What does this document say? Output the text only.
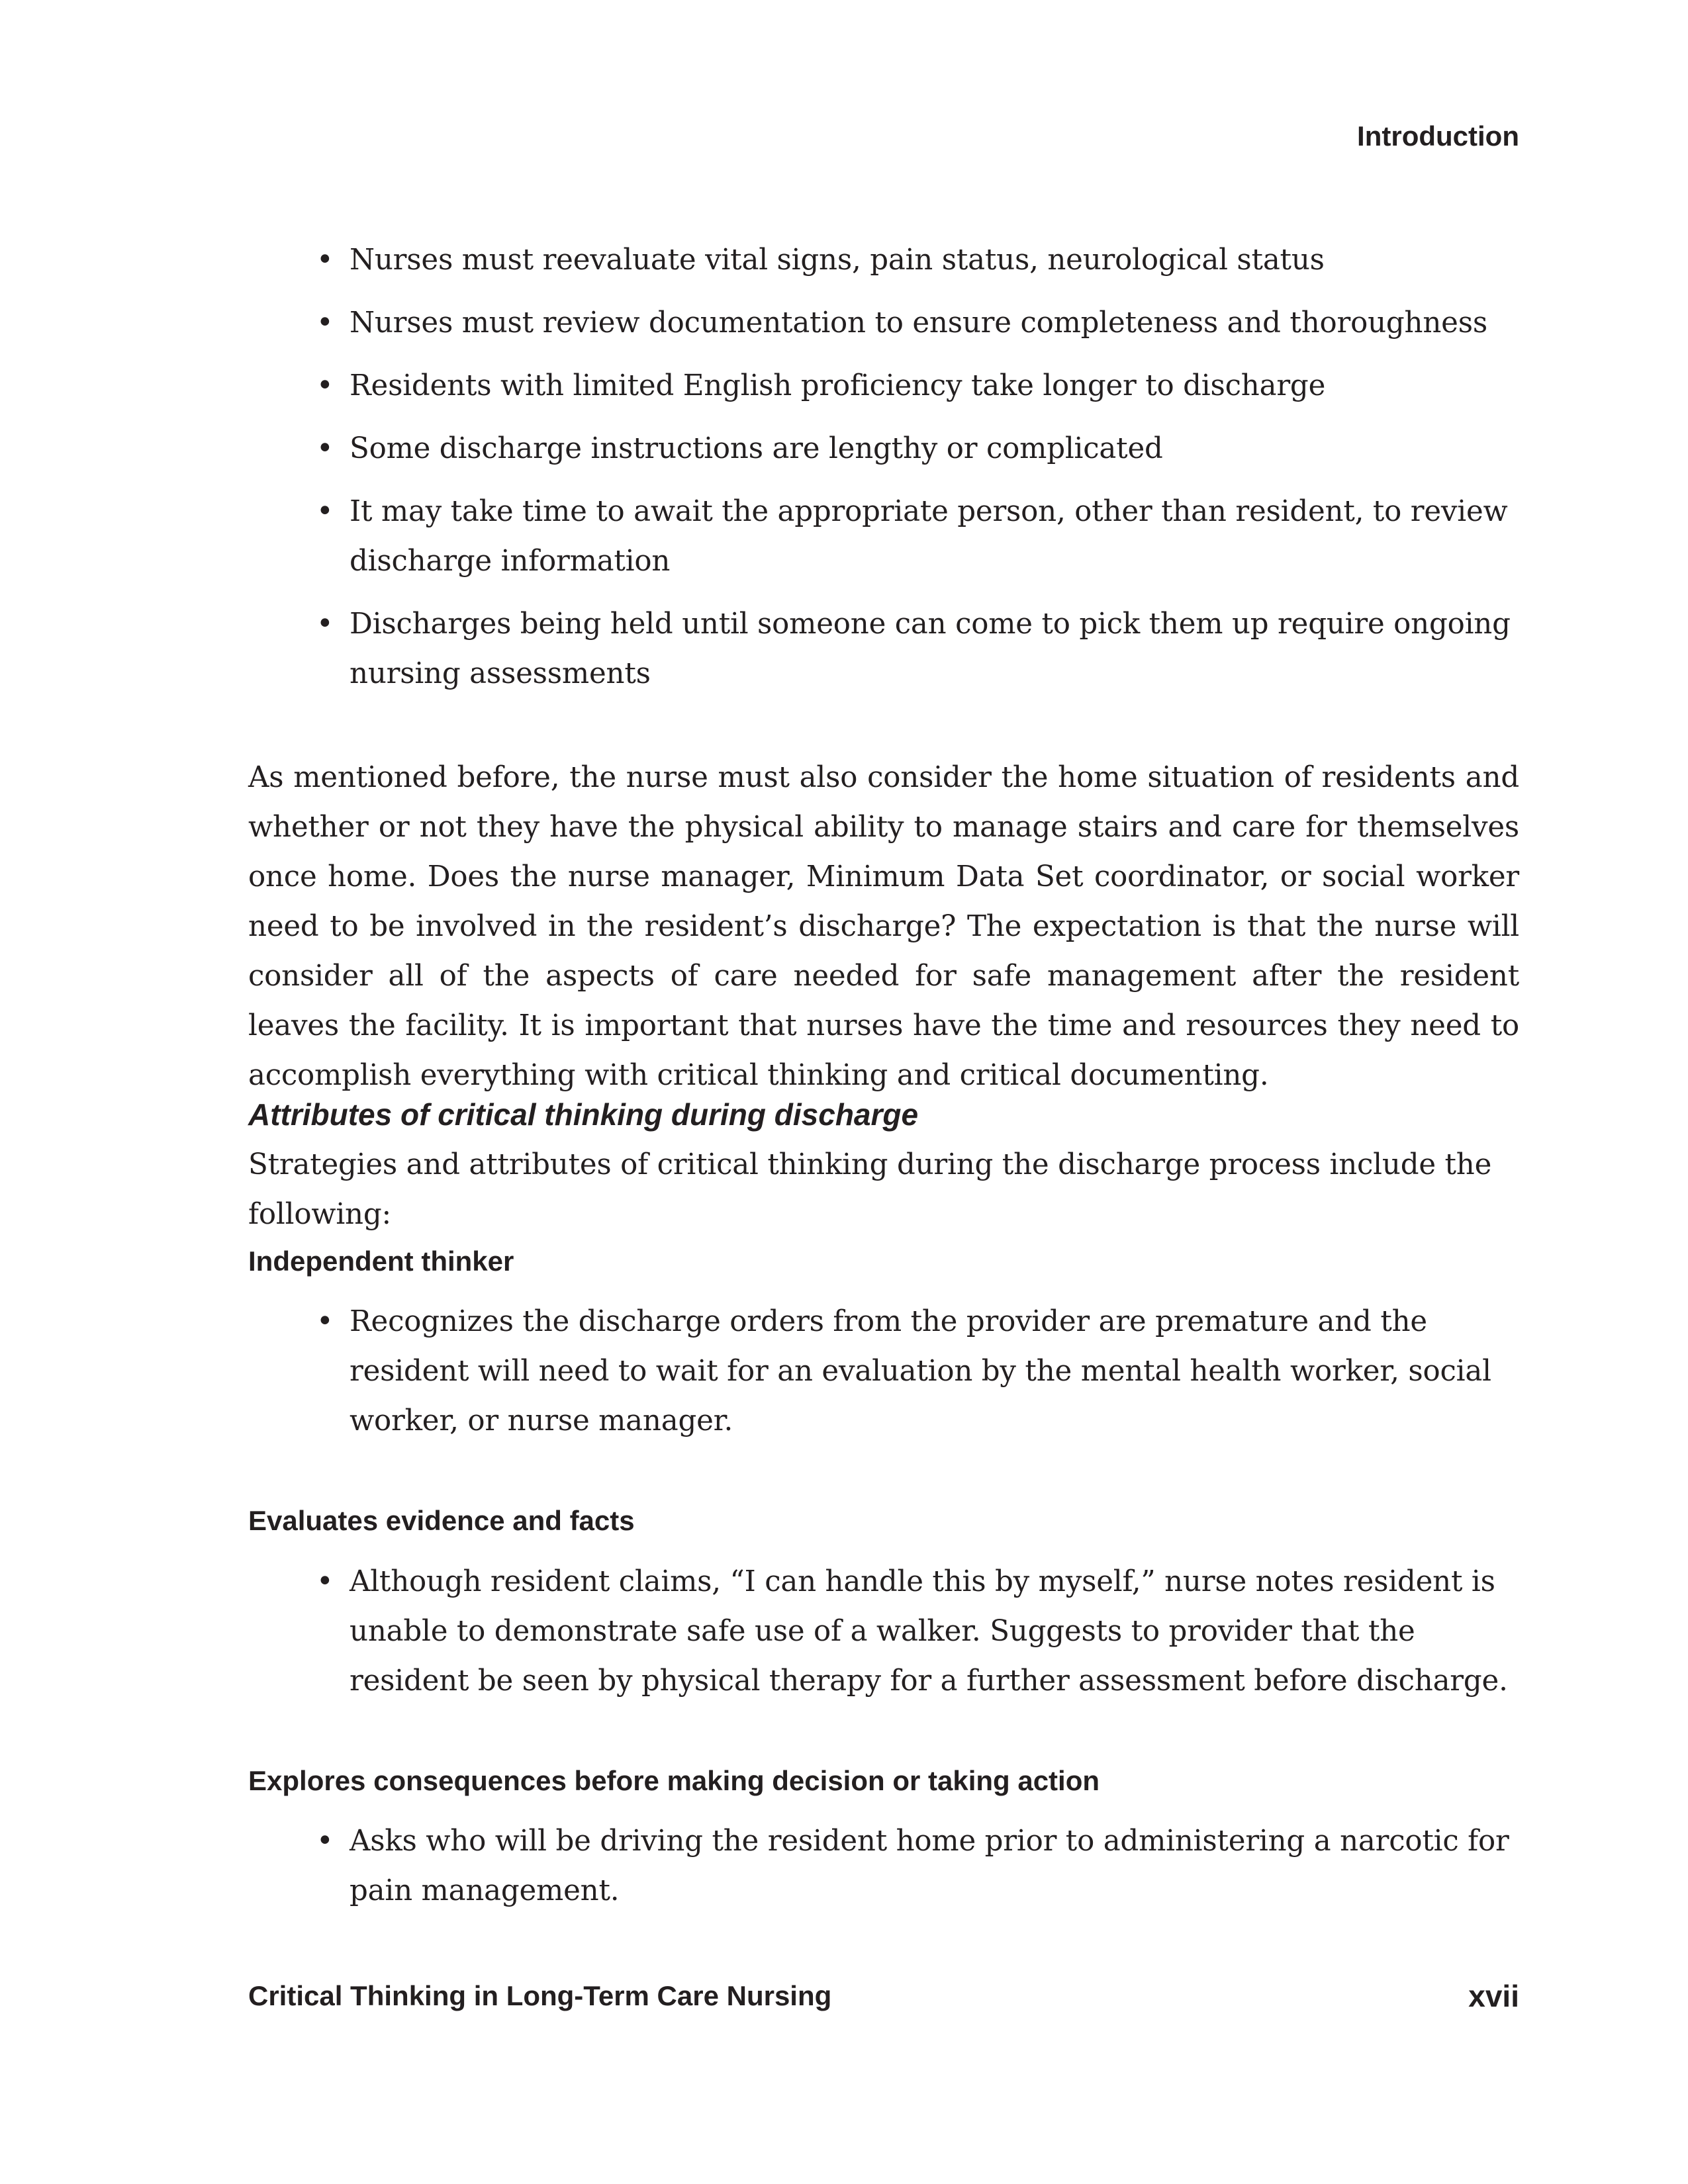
Introduction
• Nurses must reevaluate vital signs, pain status, neurological status
• Nurses must review documentation to ensure completeness and thoroughness
• Residents with limited English proficiency take longer to discharge
• Some discharge instructions are lengthy or complicated
• It may take time to await the appropriate person, other than resident, to review discharge information
• Discharges being held until someone can come to pick them up require ongoing nursing assessments

As mentioned before, the nurse must also consider the home situation of residents and whether or not they have the physical ability to manage stairs and care for themselves once home. Does the nurse manager, Minimum Data Set coordinator, or social worker need to be involved in the resident’s discharge? The expectation is that the nurse will consider all of the aspects of care needed for safe management after the resident leaves the facility. It is important that nurses have the time and resources they need to accomplish everything with critical thinking and critical documenting.

Attributes of critical thinking during discharge

Strategies and attributes of critical thinking during the discharge process include the following:

Independent thinker
• Recognizes the discharge orders from the provider are premature and the resident will need to wait for an evaluation by the mental health worker, social worker, or nurse manager.
Evaluates evidence and facts
• Although resident claims, “I can handle this by myself,” nurse notes resident is unable to demonstrate safe use of a walker. Suggests to provider that the resident be seen by physical therapy for a further assessment before discharge.
Explores consequences before making decision or taking action
• Asks who will be driving the resident home prior to administering a narcotic for pain management.
Critical Thinking in Long-Term Care Nursing	xvii
